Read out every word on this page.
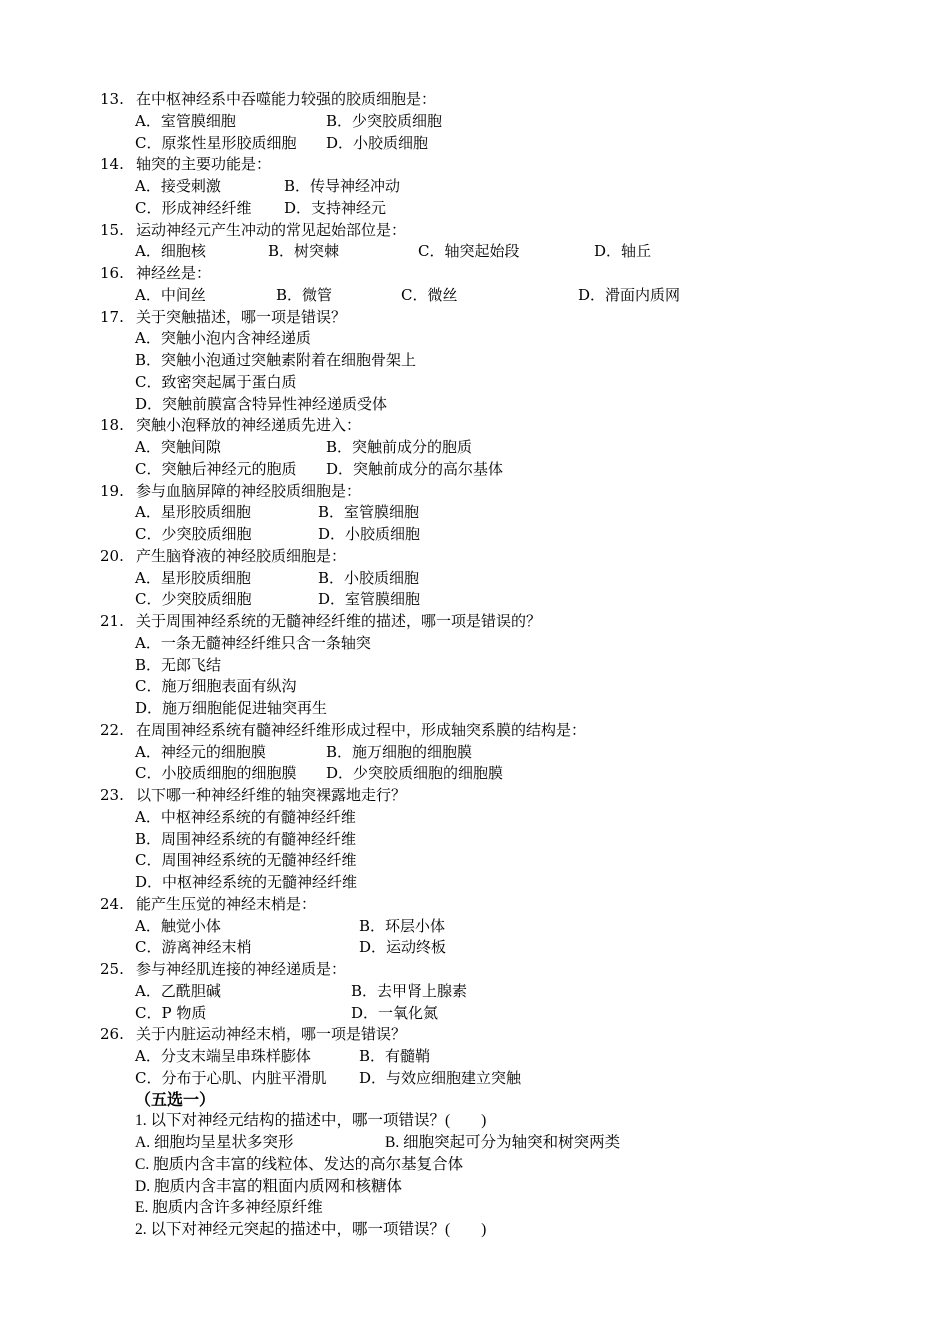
13. 在中枢神经系中吞噬能力较强的胶质细胞是：
A．室管膜细胞	B．少突胶质细胞
C．原浆性星形胶质细胞 D．小胶质细胞
14. 轴突的主要功能是：
A．接受刺激	B．传导神经冲动
C．形成神经纤维 D．支持神经元
15. 运动神经元产生冲动的常见起始部位是：
A．细胞核	B．树突棘	C．轴突起始段	D．轴丘
16. 神经丝是：
A．中间丝	B．微管	C．微丝	D．滑面内质网
17. 关于突触描述，哪一项是错误？
A．突触小泡内含神经递质
B．突触小泡通过突触素附着在细胞骨架上
C．致密突起属于蛋白质
D．突触前膜富含特异性神经递质受体
18. 突触小泡释放的神经递质先进入：
A．突触间隙	B．突触前成分的胞质
C．突触后神经元的胞质 D．突触前成分的高尔基体
19. 参与血脑屏障的神经胶质细胞是：
A．星形胶质细胞	B．室管膜细胞
C．少突胶质细胞	D．小胶质细胞
20. 产生脑脊液的神经胶质细胞是：
A．星形胶质细胞	B．小胶质细胞
C．少突胶质细胞	D．室管膜细胞
21. 关于周围神经系统的无髓神经纤维的描述，哪一项是错误的？
A．一条无髓神经纤维只含一条轴突
B．无郎飞结
C．施万细胞表面有纵沟
D．施万细胞能促进轴突再生
22. 在周围神经系统有髓神经纤维形成过程中，形成轴突系膜的结构是：
A．神经元的细胞膜	B．施万细胞的细胞膜
C．小胶质细胞的细胞膜 D．少突胶质细胞的细胞膜
23. 以下哪一种神经纤维的轴突裸露地走行？
A．中枢神经系统的有髓神经纤维
B．周围神经系统的有髓神经纤维
C．周围神经系统的无髓神经纤维
D．中枢神经系统的无髓神经纤维
24. 能产生压觉的神经末梢是：
A．触觉小体	B．环层小体
C．游离神经末梢	D．运动终板
25. 参与神经肌连接的神经递质是：
A．乙酰胆碱	B．去甲肾上腺素
C．P 物质	D．一氧化氮
26. 关于内脏运动神经末梢，哪一项是错误？
A．分支末端呈串珠样膨体	B．有髓鞘
C．分布于心肌、内脏平滑肌 D．与效应细胞建立突触
（五选一）
1. 以下对神经元结构的描述中，哪一项错误？(　　)
A. 细胞均呈星状多突形	B. 细胞突起可分为轴突和树突两类
C. 胞质内含丰富的线粒体、发达的高尔基复合体
D. 胞质内含丰富的粗面内质网和核糖体
E. 胞质内含许多神经原纤维
2. 以下对神经元突起的描述中，哪一项错误？(　　)
